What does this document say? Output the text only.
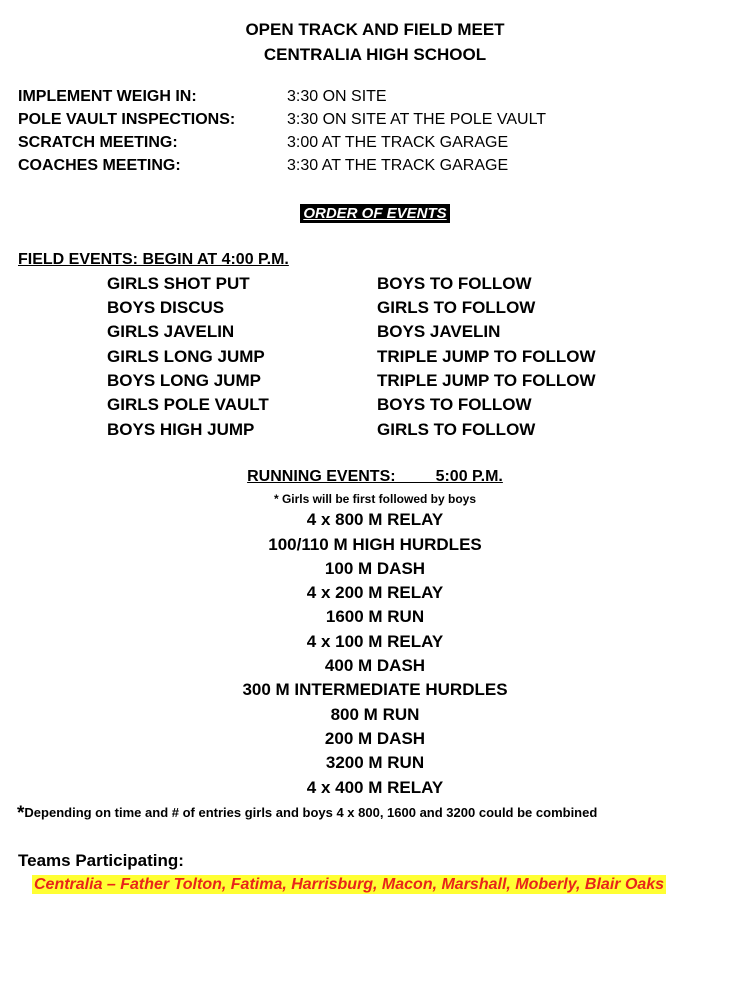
OPEN TRACK AND FIELD MEET
CENTRALIA HIGH SCHOOL
IMPLEMENT WEIGH IN:	3:30 ON SITE
POLE VAULT INSPECTIONS:	3:30 ON SITE AT THE POLE VAULT
SCRATCH MEETING:	3:00 AT THE TRACK GARAGE
COACHES MEETING:	3:30 AT THE TRACK GARAGE
ORDER OF EVENTS
FIELD EVENTS: BEGIN AT 4:00 P.M.
GIRLS SHOT PUT	BOYS TO FOLLOW
BOYS DISCUS	GIRLS TO FOLLOW
GIRLS JAVELIN	BOYS JAVELIN
GIRLS LONG JUMP	TRIPLE JUMP TO FOLLOW
BOYS LONG JUMP	TRIPLE JUMP TO FOLLOW
GIRLS POLE VAULT	BOYS TO FOLLOW
BOYS HIGH JUMP	GIRLS TO FOLLOW
RUNNING EVENTS:         5:00 P.M.
* Girls will be first followed by boys
4 x 800 M RELAY
100/110 M HIGH HURDLES
100 M DASH
4 x 200 M RELAY
1600 M RUN
4 x 100 M RELAY
400 M DASH
300 M INTERMEDIATE HURDLES
800 M RUN
200 M DASH
3200 M RUN
4 x 400 M RELAY
*Depending on time and # of entries girls and boys 4 x 800, 1600 and 3200 could be combined
Teams Participating:
Centralia – Father Tolton, Fatima, Harrisburg, Macon, Marshall, Moberly, Blair Oaks
